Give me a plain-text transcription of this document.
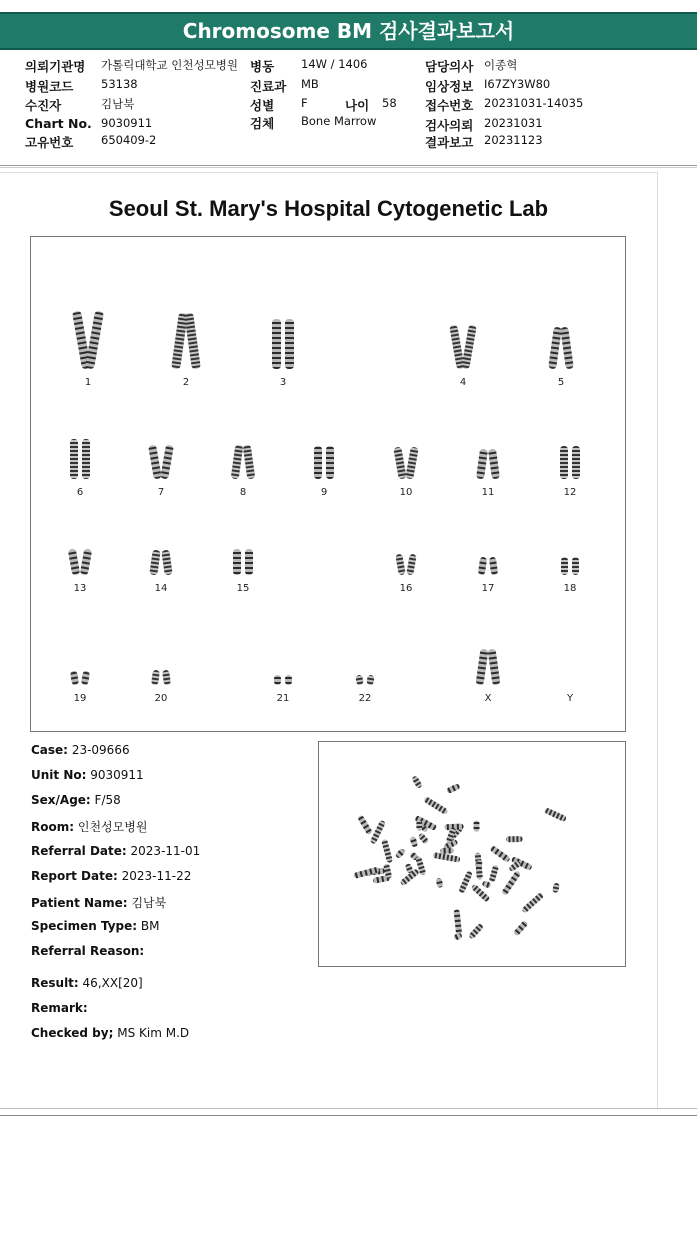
Chromosome BM 검사결과보고서
의뢰기관명 가톨릭대학교 인천성모병원
병원코드 53138
수진자	김남북
Chart No. 9030911
고유번호 650409-2
병동 14W / 1406
진료과 MB
성별 F	나이 58
검체 Bone Marrow
담당의사 이종혁
임상정보 I67ZY3W80
접수번호 20231031-14035
검사의뢰 20231031
결과보고 20231123
Seoul St. Mary's Hospital Cytogenetic Lab
1	2	3	4	5
6	7	8	9	10	11	12
13	14	15	16	17	18
19	20	21	22	X	Y
Case: 23-09666
Unit No: 9030911
Sex/Age: F/58
Room: 인천성모병원
Referral Date: 2023-11-01
Report Date: 2023-11-22
Patient Name: 김남북
Specimen Type: BM
Referral Reason:
Result: 46,XX[20]
Remark:
Checked by; MS Kim M.D
